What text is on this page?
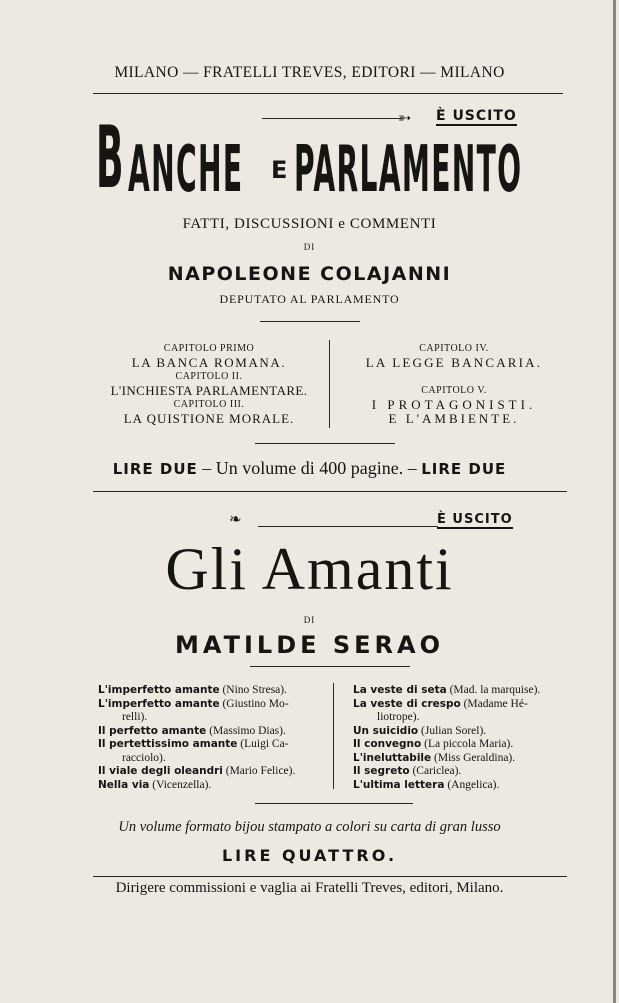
MILANO — FRATELLI TREVES, EDITORI — MILANO
➳ È USCITO
B ANCHE E PARLAMENTO
FATTI, DISCUSSIONI e COMMENTI
DI
NAPOLEONE COLAJANNI
DEPUTATO AL PARLAMENTO
CAPITOLO PRIMO
LA BANCA ROMANA.
CAPITOLO II.
L'INCHIESTA PARLAMENTARE.
CAPITOLO III.
LA QUISTIONE MORALE.
CAPITOLO IV.
LA LEGGE BANCARIA.
CAPITOLO V.
I PROTAGONISTI.
E L'AMBIENTE.
LIRE DUE – Un volume di 400 pagine. – LIRE DUE
❧	È USCITO
Gli Amanti
DI
MATILDE SERAO
L'imperfetto amante (Nino Stresa).
L'imperfetto amante (Giustino Mo-
relli).
Il perfetto amante (Massimo Dias).
Il pertettissimo amante (Luigi Ca-
racciolo).
Il viale degli oleandri (Mario Felice).
Nella via (Vicenzella).
La veste di seta (Mad. la marquise).
La veste di crespo (Madame Hé-
liotrope).
Un suicidio (Julian Sorel).
Il convegno (La piccola Maria).
L'ineluttabile (Miss Geraldina).
Il segreto (Cariclea).
L'ultima lettera (Angelica).
Un volume formato bijou stampato a colori su carta di gran lusso
LIRE QUATTRO.
Dirigere commissioni e vaglia ai Fratelli Treves, editori, Milano.
